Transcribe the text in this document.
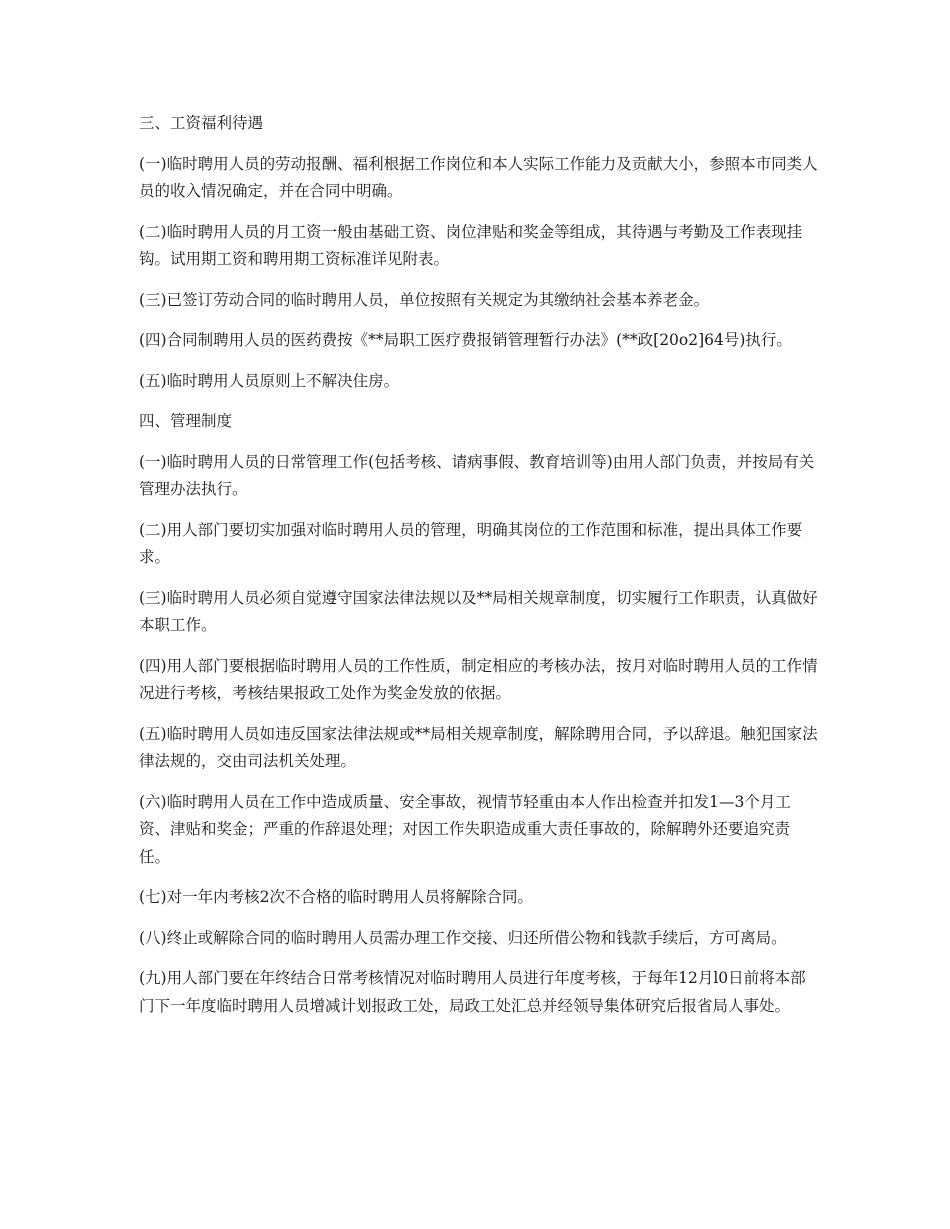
三、工资福利待遇

(一)临时聘用人员的劳动报酬、福利根据工作岗位和本人实际工作能力及贡献大小，参照本市同类人员的收入情况确定，并在合同中明确。

(二)临时聘用人员的月工资一般由基础工资、岗位津贴和奖金等组成，其待遇与考勤及工作表现挂钩。试用期工资和聘用期工资标准详见附表。

(三)已签订劳动合同的临时聘用人员，单位按照有关规定为其缴纳社会基本养老金。

(四)合同制聘用人员的医药费按《**局职工医疗费报销管理暂行办法》(**政[20o2]64号)执行。

(五)临时聘用人员原则上不解决住房。

四、管理制度

(一)临时聘用人员的日常管理工作(包括考核、请病事假、教育培训等)由用人部门负责，并按局有关管理办法执行。

(二)用人部门要切实加强对临时聘用人员的管理，明确其岗位的工作范围和标准，提出具体工作要求。

(三)临时聘用人员必须自觉遵守国家法律法规以及**局相关规章制度，切实履行工作职责，认真做好本职工作。

(四)用人部门要根据临时聘用人员的工作性质，制定相应的考核办法，按月对临时聘用人员的工作情况进行考核，考核结果报政工处作为奖金发放的依据。

(五)临时聘用人员如违反国家法律法规或**局相关规章制度，解除聘用合同，予以辞退。触犯国家法律法规的，交由司法机关处理。

(六)临时聘用人员在工作中造成质量、安全事故，视情节轻重由本人作出检查并扣发1—3个月工资、津贴和奖金；严重的作辞退处理；对因工作失职造成重大责任事故的，除解聘外还要追究责任。

(七)对一年内考核2次不合格的临时聘用人员将解除合同。

(八)终止或解除合同的临时聘用人员需办理工作交接、归还所借公物和钱款手续后，方可离局。

(九)用人部门要在年终结合日常考核情况对临时聘用人员进行年度考核，于每年12月l0日前将本部门下一年度临时聘用人员增减计划报政工处，局政工处汇总并经领导集体研究后报省局人事处。
